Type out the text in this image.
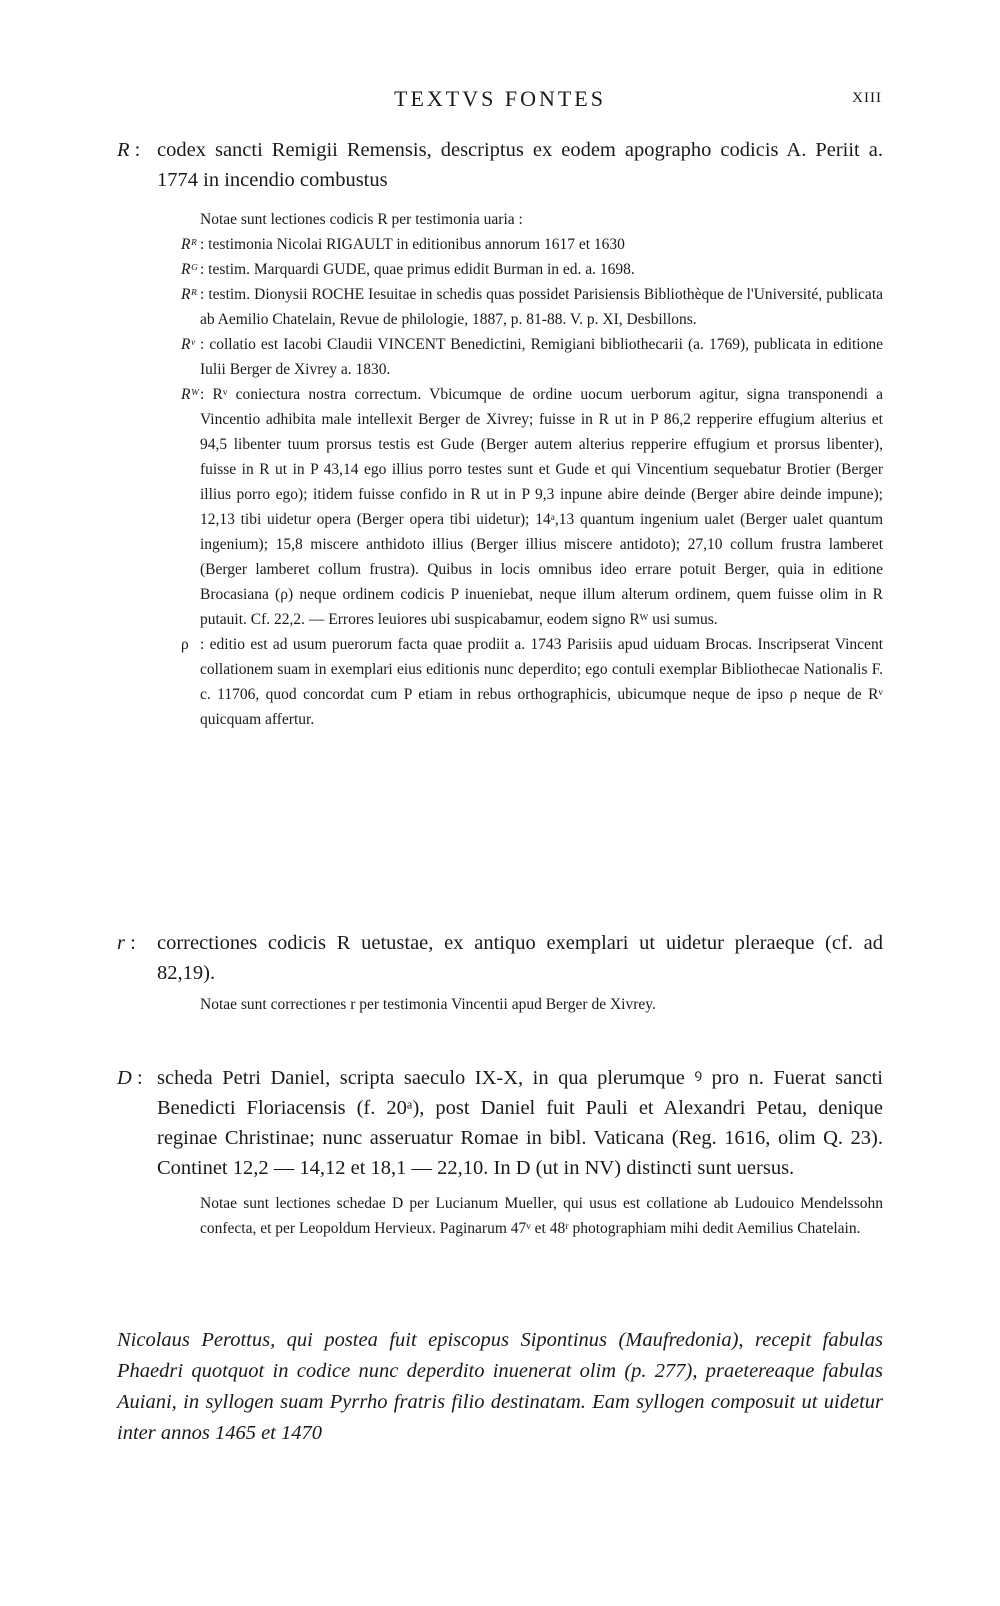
TEXTVS FONTES	XIII
R : codex sancti Remigii Remensis, descriptus ex eodem apographo codicis A. Periit a. 1774 in incendio combustus
Notae sunt lectiones codicis R per testimonia uaria :
Rᴿ : testimonia Nicolai RIGAULT in editionibus annorum 1617 et 1630
Rᴳ : testim. Marquardi GUDE, quae primus edidit Burman in ed. a. 1698.
Rᴿ : testim. Dionysii ROCHE Iesuitae in schedis quas possidet Parisiensis Bibliothèque de l'Université, publicata ab Aemilio Chatelain, Revue de philologie, 1887, p. 81-88. V. p. XI, Desbillons.
Rᵛ : collatio est Iacobi Claudii VINCENT Benedictini, Remigiani bibliothecarii (a. 1769), publicata in editione Iulii Berger de Xivrey a. 1830.
Rᵂ : Rᵛ coniectura nostra correctum. Vbicumque de ordine uocum uerborum agitur, signa transponendi a Vincentio adhibita male intellexit Berger de Xivrey; fuisse in R ut in P 86,2 repperire effugium alterius et 94,5 libenter tuum prorsus testis est Gude (Berger autem alterius repperire effugium et prorsus libenter), fuisse in R ut in P 43,14 ego illius porro testes sunt et Gude et qui Vincentium sequebatur Brotier (Berger illius porro ego); itidem fuisse confido in R ut in P 9,3 inpune abire deinde (Berger abire deinde impune); 12,13 tibi uidetur opera (Berger opera tibi uidetur); 14ᵃ,13 quantum ingenium ualet (Berger ualet quantum ingenium); 15,8 miscere anthidoto illius (Berger illius miscere antidoto); 27,10 collum frustra lamberet (Berger lamberet collum frustra). Quibus in locis omnibus ideo errare potuit Berger, quia in editione Brocasiana (ρ) neque ordinem codicis P inueniebat, neque illum alterum ordinem, quem fuisse olim in R putauit. Cf. 22,2. — Errores leuiores ubi suspicabamur, eodem signo Rᵂ usi sumus.
ρ : editio est ad usum puerorum facta quae prodiit a. 1743 Parisiis apud uiduam Brocas. Inscripserat Vincent collationem suam in exemplari eius editionis nunc deperdito; ego contuli exemplar Bibliothecae Nationalis F. c. 11706, quod concordat cum P etiam in rebus orthographicis, ubicumque neque de ipso ρ neque de Rᵛ quicquam affertur.
r : correctiones codicis R uetustae, ex antiquo exemplari ut uidetur pleraeque (cf. ad 82,19).
Notae sunt correctiones r per testimonia Vincentii apud Berger de Xivrey.
D : scheda Petri Daniel, scripta saeculo IX-X, in qua plerumque ꝰ pro n. Fuerat sancti Benedicti Floriacensis (f. 20ᵃ), post Daniel fuit Pauli et Alexandri Petau, denique reginae Christinae; nunc asseruatur Romae in bibl. Vaticana (Reg. 1616, olim Q. 23). Continet 12,2 — 14,12 et 18,1 — 22,10. In D (ut in NV) distincti sunt uersus.
Notae sunt lectiones schedae D per Lucianum Mueller, qui usus est collatione ab Ludouico Mendelssohn confecta, et per Leopoldum Hervieux. Paginarum 47ᵛ et 48ʳ photographiam mihi dedit Aemilius Chatelain.
Nicolaus Perottus, qui postea fuit episcopus Sipontinus (Maufredonia), recepit fabulas Phaedri quotquot in codice nunc deperdito inuenerat olim (p. 277), praetereaque fabulas Auiani, in syllogen suam Pyrrho fratris filio destinatam. Eam syllogen composuit ut uidetur inter annos 1465 et 1470
